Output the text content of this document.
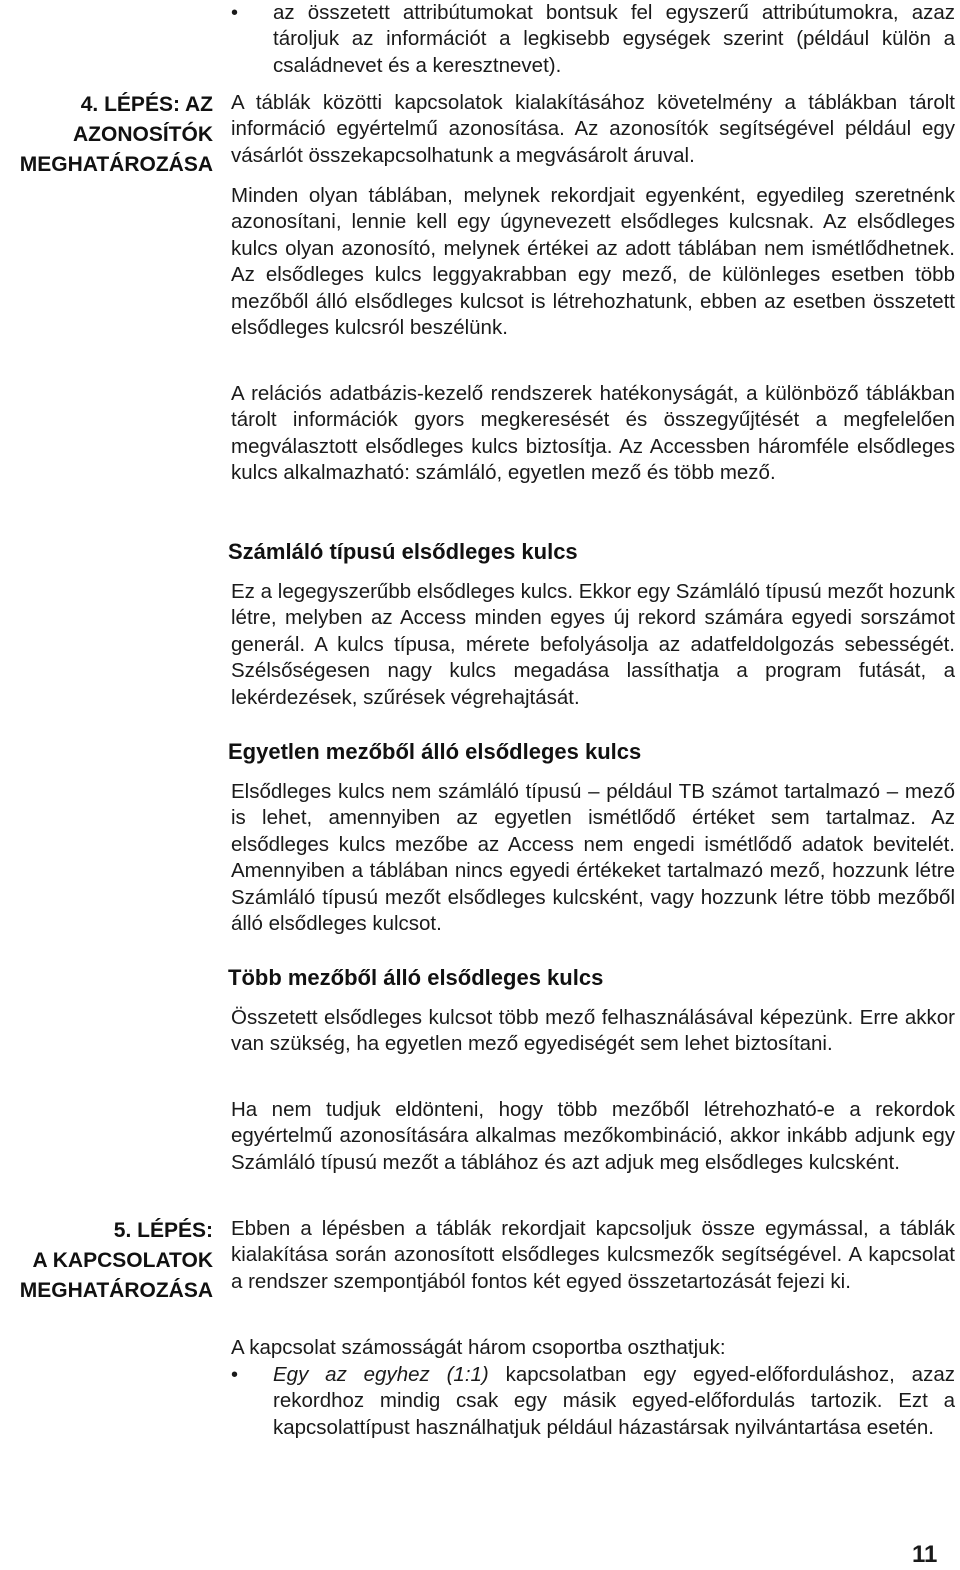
• az összetett attribútumokat bontsuk fel egyszerű attribútumokra, azaz tároljuk az információt a legkisebb egységek szerint (például külön a családnevet és a keresztnevet).
4. LÉPÉS: AZ
AZONOSÍTÓK
MEGHATÁROZÁSA

A táblák közötti kapcsolatok kialakításához követelmény a táblákban tárolt információ egyértelmű azonosítása. Az azonosítók segítségével például egy vásárlót összekapcsolhatunk a megvásárolt áruval.

Minden olyan táblában, melynek rekordjait egyenként, egyedileg szeretnénk azonosítani, lennie kell egy úgynevezett elsődleges kulcsnak. Az elsődleges kulcs olyan azonosító, melynek értékei az adott táblában nem ismétlődhetnek. Az elsődleges kulcs leggyakrabban egy mező, de különleges esetben több mezőből álló elsődleges kulcsot is létrehozhatunk, ebben az esetben összetett elsődleges kulcsról beszélünk.

A relációs adatbázis-kezelő rendszerek hatékonyságát, a különböző táblákban tárolt információk gyors megkeresését és összegyűjtését a megfelelően megválasztott elsődleges kulcs biztosítja. Az Accessben háromféle elsődleges kulcs alkalmazható: számláló, egyetlen mező és több mező.

Számláló típusú elsődleges kulcs

Ez a legegyszerűbb elsődleges kulcs. Ekkor egy Számláló típusú mezőt hozunk létre, melyben az Access minden egyes új rekord számára egyedi sorszámot generál. A kulcs típusa, mérete befolyásolja az adatfeldolgozás sebességét. Szélsőségesen nagy kulcs megadása lassíthatja a program futását, a lekérdezések, szűrések végrehajtását.

Egyetlen mezőből álló elsődleges kulcs

Elsődleges kulcs nem számláló típusú – például TB számot tartalmazó – mező is lehet, amennyiben az egyetlen ismétlődő értéket sem tartalmaz. Az elsődleges kulcs mezőbe az Access nem engedi ismétlődő adatok bevitelét. Amennyiben a táblában nincs egyedi értékeket tartalmazó mező, hozzunk létre Számláló típusú mezőt elsődleges kulcsként, vagy hozzunk létre több mezőből álló elsődleges kulcsot.

Több mezőből álló elsődleges kulcs

Összetett elsődleges kulcsot több mező felhasználásával képezünk. Erre akkor van szükség, ha egyetlen mező egyediségét sem lehet biztosítani.

Ha nem tudjuk eldönteni, hogy több mezőből létrehozható-e a rekordok egyértelmű azonosítására alkalmas mezőkombináció, akkor inkább adjunk egy Számláló típusú mezőt a táblához és azt adjuk meg elsődleges kulcsként.

5. LÉPÉS:
A KAPCSOLATOK
MEGHATÁROZÁSA

Ebben a lépésben a táblák rekordjait kapcsoljuk össze egymással, a táblák kialakítása során azonosított elsődleges kulcsmezők segítségével. A kapcsolat a rendszer szempontjából fontos két egyed összetartozását fejezi ki.

A kapcsolat számosságát három csoportba oszthatjuk:

• Egy az egyhez (1:1) kapcsolatban egy egyed-előforduláshoz, azaz rekordhoz mindig csak egy másik egyed-előfordulás tartozik. Ezt a kapcsolattípust használhatjuk például házastársak nyilvántartása esetén.
11
